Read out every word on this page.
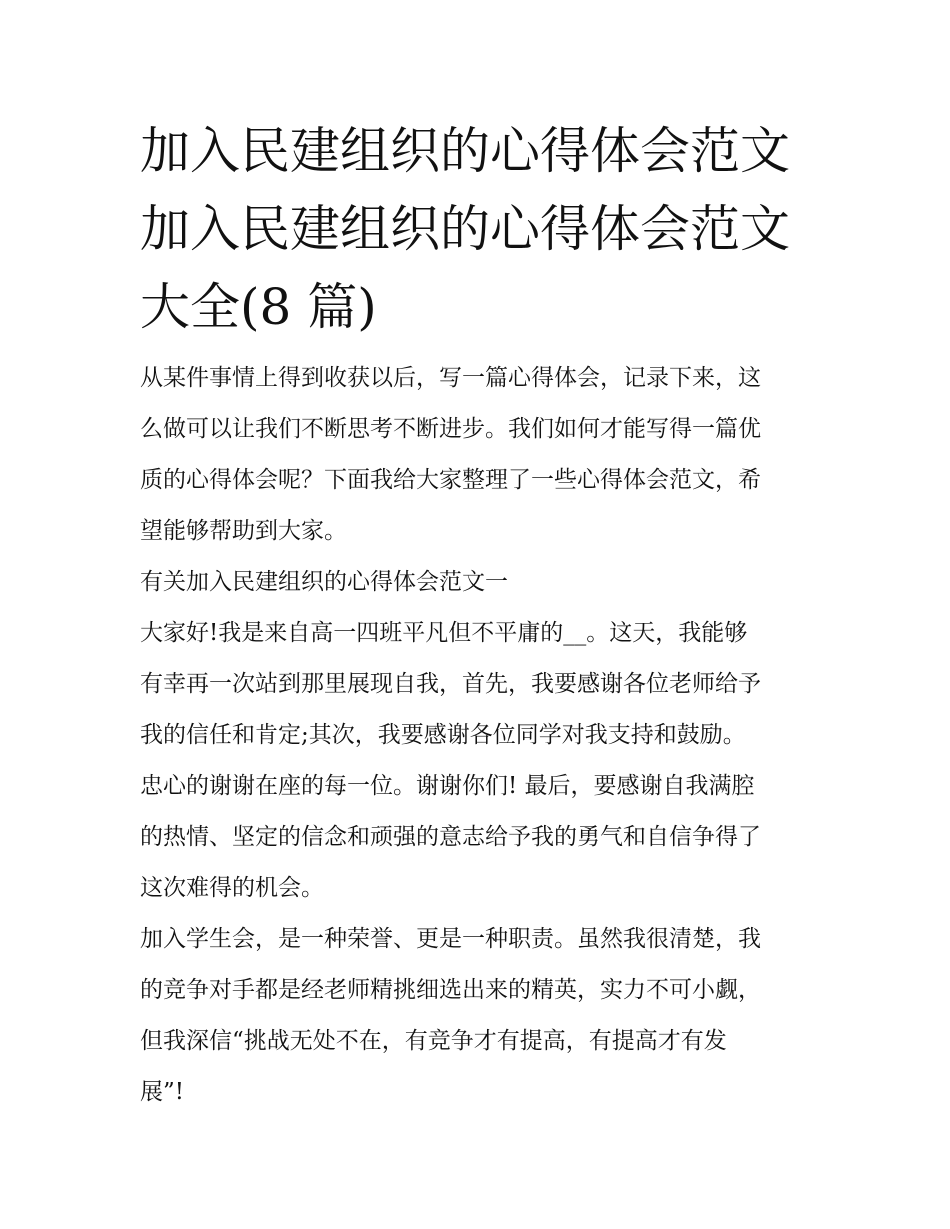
加入民建组织的心得体会范文
加入民建组织的心得体会范文
大全(8 篇)
从某件事情上得到收获以后，写一篇心得体会，记录下来，这
么做可以让我们不断思考不断进步。我们如何才能写得一篇优
质的心得体会呢？下面我给大家整理了一些心得体会范文，希
望能够帮助到大家。
有关加入民建组织的心得体会范文一
大家好!我是来自高一四班平凡但不平庸的__。这天，我能够
有幸再一次站到那里展现自我，首先，我要感谢各位老师给予
我的信任和肯定;其次，我要感谢各位同学对我支持和鼓励。
忠心的谢谢在座的每一位。谢谢你们! 最后，要感谢自我满腔
的热情、坚定的信念和顽强的意志给予我的勇气和自信争得了
这次难得的机会。
加入学生会，是一种荣誉、更是一种职责。虽然我很清楚，我
的竞争对手都是经老师精挑细选出来的精英，实力不可小觑，
但我深信“挑战无处不在，有竞争才有提高，有提高才有发
展”!
